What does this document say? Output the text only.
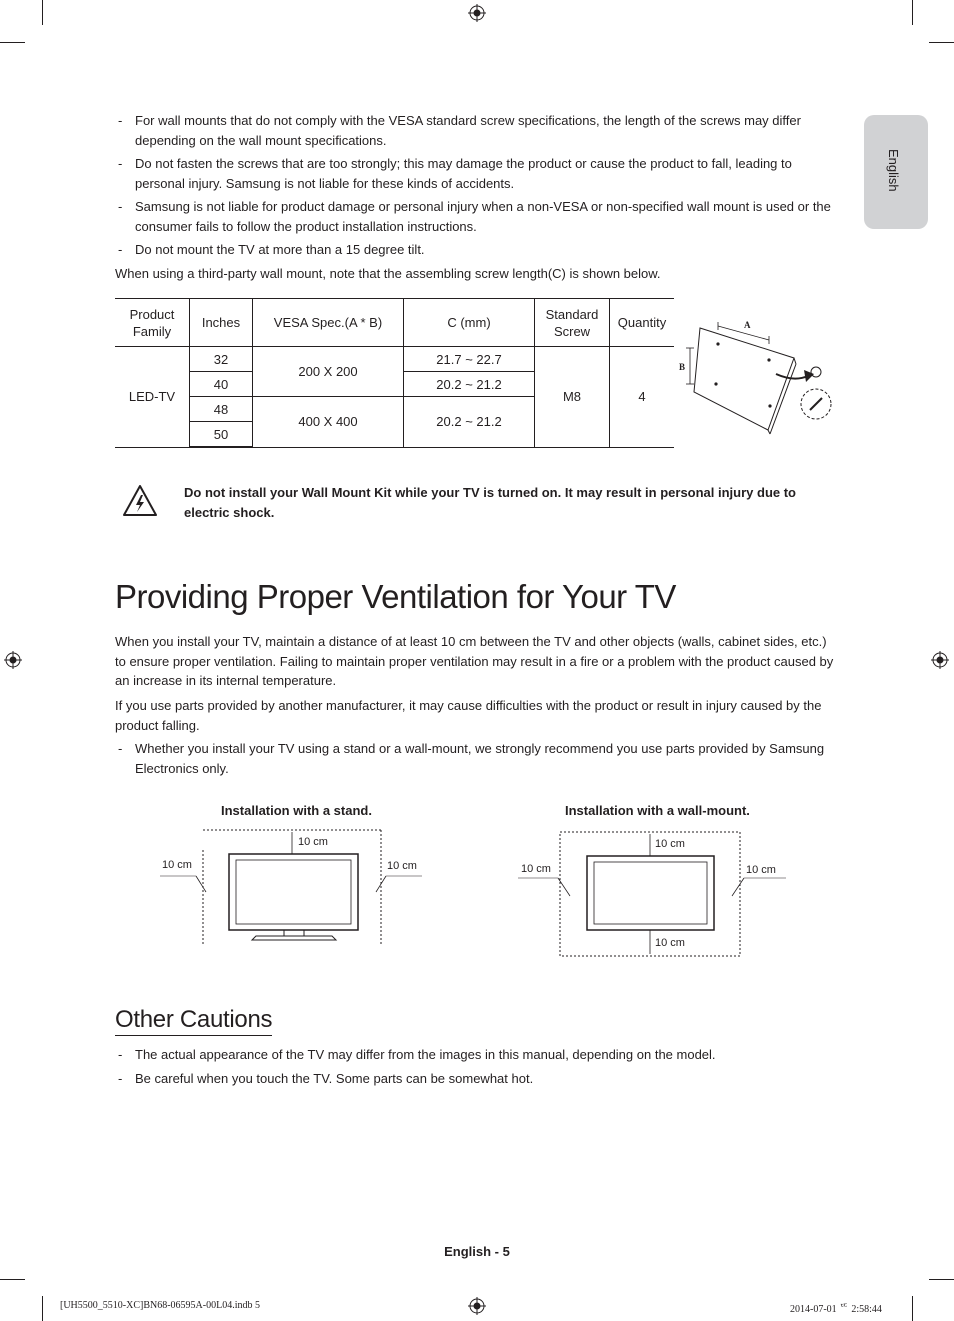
English
- For wall mounts that do not comply with the VESA standard screw specifications, the length of the screws may differ depending on the wall mount specifications.
- Do not fasten the screws that are too strongly; this may damage the product or cause the product to fall, leading to personal injury. Samsung is not liable for these kinds of accidents.
- Samsung is not liable for product damage or personal injury when a non-VESA or non-specified wall mount is used or the consumer fails to follow the product installation instructions.
- Do not mount the TV at more than a 15 degree tilt.
When using a third-party wall mount, note that the assembling screw length(C) is shown below.
Product Family	Inches	VESA Spec.(A * B)	C (mm)	Standard Screw	Quantity
LED-TV	32	200 X 200	21.7 ~ 22.7	M8	4
	40		20.2 ~ 21.2		
	48	400 X 400	20.2 ~ 21.2		
	50				
A
B
Do not install your Wall Mount Kit while your TV is turned on. It may result in personal injury due to electric shock.
Providing Proper Ventilation for Your TV
When you install your TV, maintain a distance of at least 10 cm between the TV and other objects (walls, cabinet sides, etc.) to ensure proper ventilation. Failing to maintain proper ventilation may result in a fire or a problem with the product caused by an increase in its internal temperature.
If you use parts provided by another manufacturer, it may cause difficulties with the product or result in injury caused by the product falling.
- Whether you install your TV using a stand or a wall-mount, we strongly recommend you use parts provided by Samsung Electronics only.
Installation with a stand.	Installation with a wall-mount.
10 cm
10 cm	10 cm
10 cm
10 cm	10 cm
10 cm
Other Cautions
- The actual appearance of the TV may differ from the images in this manual, depending on the model.
- Be careful when you touch the TV. Some parts can be somewhat hot.
English - 5
[UH5500_5510-XC]BN68-06595A-00L04.indb 5	2014-07-01 ᄄ 2:58:44
